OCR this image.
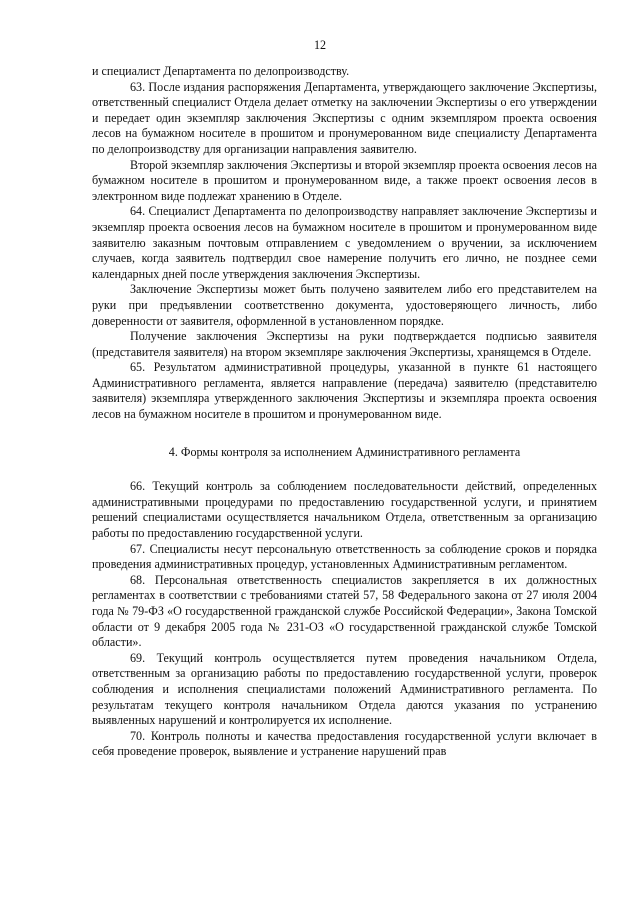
12

и специалист Департамента по делопроизводству.

63. После издания распоряжения Департамента, утверждающего заключение Экспертизы, ответственный специалист Отдела делает отметку на заключении Экспертизы о его утверждении и передает один экземпляр заключения Экспертизы с одним экземпляром проекта освоения лесов на бумажном носителе в прошитом и пронумерованном виде специалисту Департамента по делопроизводству для организации направления заявителю.

Второй экземпляр заключения Экспертизы и второй экземпляр проекта освоения лесов на бумажном носителе в прошитом и пронумерованном виде, а также проект освоения лесов в электронном виде подлежат хранению в Отделе.

64. Специалист Департамента по делопроизводству направляет заключение Экспертизы и экземпляр проекта освоения лесов на бумажном носителе в прошитом и пронумерованном виде заявителю заказным почтовым отправлением с уведомлением о вручении, за исключением случаев, когда заявитель подтвердил свое намерение получить его лично, не позднее семи календарных дней после утверждения заключения Экспертизы.

Заключение Экспертизы может быть получено заявителем либо его представителем на руки при предъявлении соответственно документа, удостоверяющего личность, либо доверенности от заявителя, оформленной в установленном порядке.

Получение заключения Экспертизы на руки подтверждается подписью заявителя (представителя заявителя) на втором экземпляре заключения Экспертизы, хранящемся в Отделе.

65. Результатом административной процедуры, указанной в пункте 61 настоящего Административного регламента, является направление (передача) заявителю (представителю заявителя) экземпляра утвержденного заключения Экспертизы и экземпляра проекта освоения лесов на бумажном носителе в прошитом и пронумерованном виде.

4. Формы контроля за исполнением Административного регламента

66. Текущий контроль за соблюдением последовательности действий, определенных административными процедурами по предоставлению государственной услуги, и принятием решений специалистами осуществляется начальником Отдела, ответственным за организацию работы по предоставлению государственной услуги.

67. Специалисты несут персональную ответственность за соблюдение сроков и порядка проведения административных процедур, установленных Административным регламентом.

68. Персональная ответственность специалистов закрепляется в их должностных регламентах в соответствии с требованиями статей 57, 58 Федерального закона от 27 июля 2004 года № 79-ФЗ «О государственной гражданской службе Российской Федерации», Закона Томской области от 9 декабря 2005 года № 231-ОЗ «О государственной гражданской службе Томской области».

69. Текущий контроль осуществляется путем проведения начальником Отдела, ответственным за организацию работы по предоставлению государственной услуги, проверок соблюдения и исполнения специалистами положений Административного регламента. По результатам текущего контроля начальником Отдела даются указания по устранению выявленных нарушений и контролируется их исполнение.

70. Контроль полноты и качества предоставления государственной услуги включает в себя проведение проверок, выявление и устранение нарушений прав
